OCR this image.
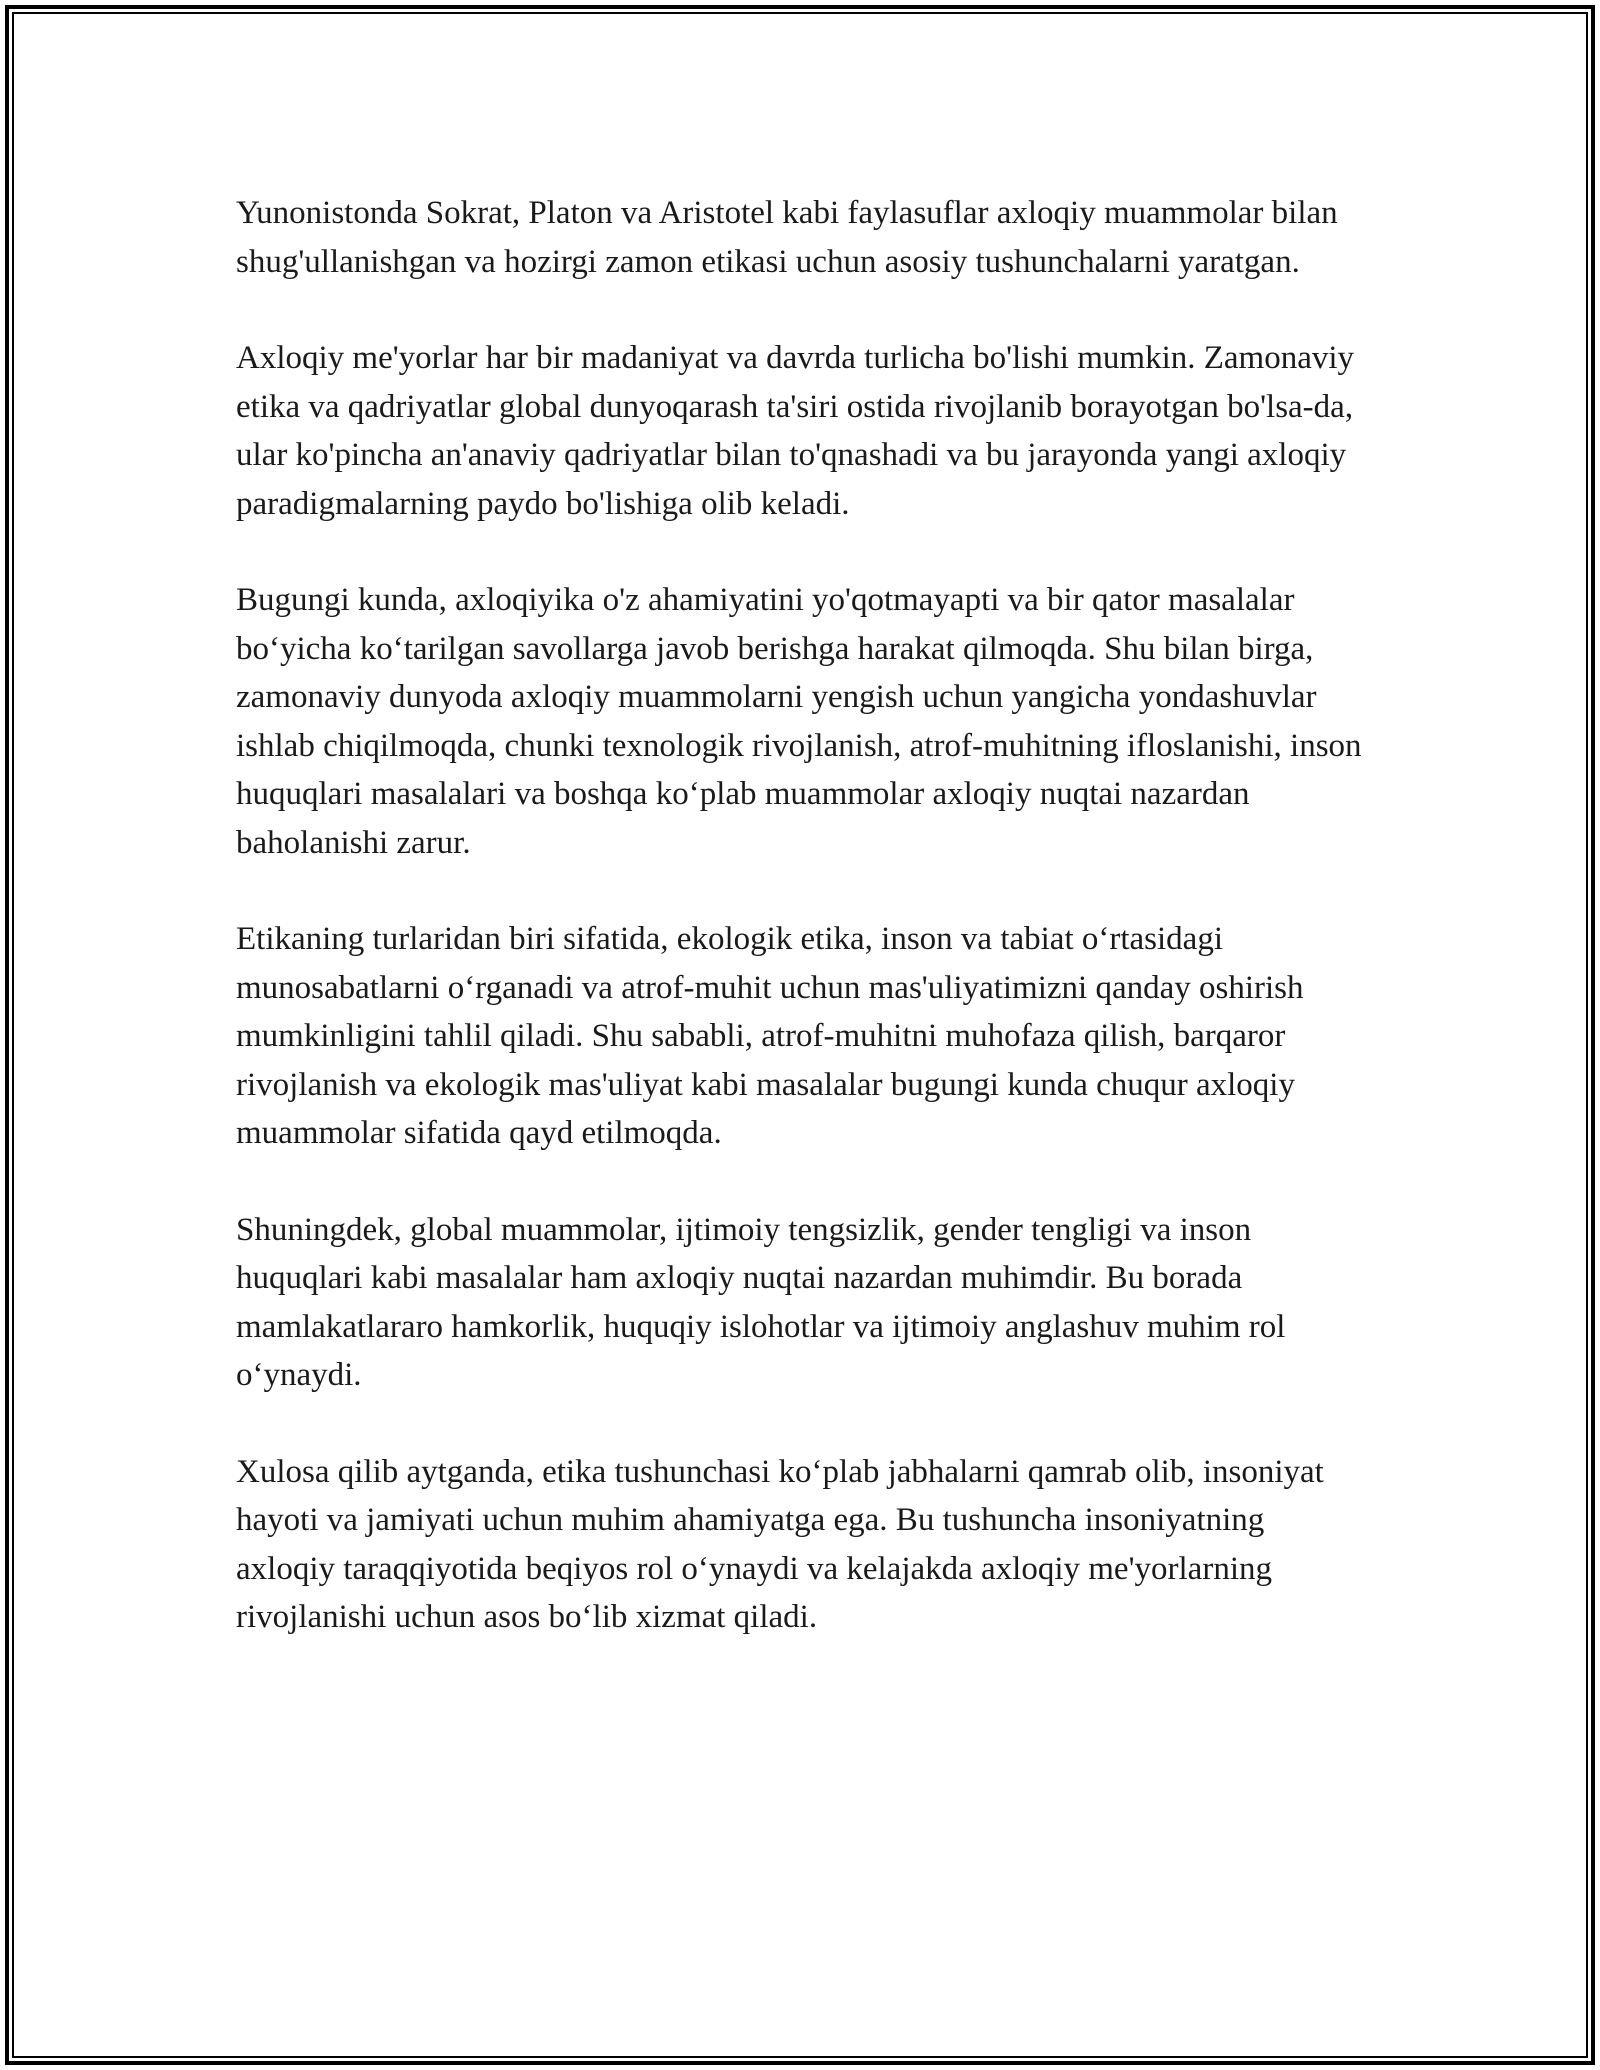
Yunonistonda Sokrat, Platon va Aristotel kabi faylasuflar axloqiy muammolar bilan shug'ullanishgan va hozirgi zamon etikasi uchun asosiy tushunchalarni yaratgan.

Axloqiy me'yorlar har bir madaniyat va davrda turlicha bo'lishi mumkin. Zamonaviy etika va qadriyatlar global dunyoqarash ta'siri ostida rivojlanib borayotgan bo'lsa-da, ular ko'pincha an'anaviy qadriyatlar bilan to'qnashadi va bu jarayonda yangi axloqiy paradigmalarning paydo bo'lishiga olib keladi.

Bugungi kunda, axloqiyika o'z ahamiyatini yo'qotmayapti va bir qator masalalar bo‘yicha ko‘tarilgan savollarga javob berishga harakat qilmoqda. Shu bilan birga, zamonaviy dunyoda axloqiy muammolarni yengish uchun yangicha yondashuvlar ishlab chiqilmoqda, chunki texnologik rivojlanish, atrof-muhitning ifloslanishi, inson huquqlari masalalari va boshqa ko‘plab muammolar axloqiy nuqtai nazardan baholanishi zarur.

Etikaning turlaridan biri sifatida, ekologik etika, inson va tabiat o‘rtasidagi munosabatlarni o‘rganadi va atrof-muhit uchun mas'uliyatimizni qanday oshirish mumkinligini tahlil qiladi. Shu sababli, atrof-muhitni muhofaza qilish, barqaror rivojlanish va ekologik mas'uliyat kabi masalalar bugungi kunda chuqur axloqiy muammolar sifatida qayd etilmoqda.

Shuningdek, global muammolar, ijtimoiy tengsizlik, gender tengligi va inson huquqlari kabi masalalar ham axloqiy nuqtai nazardan muhimdir. Bu borada mamlakatlararo hamkorlik, huquqiy islohotlar va ijtimoiy anglashuv muhim rol o‘ynaydi.

Xulosa qilib aytganda, etika tushunchasi ko‘plab jabhalarni qamrab olib, insoniyat hayoti va jamiyati uchun muhim ahamiyatga ega. Bu tushuncha insoniyatning axloqiy taraqqiyotida beqiyos rol o‘ynaydi va kelajakda axloqiy me'yorlarning rivojlanishi uchun asos bo‘lib xizmat qiladi.
